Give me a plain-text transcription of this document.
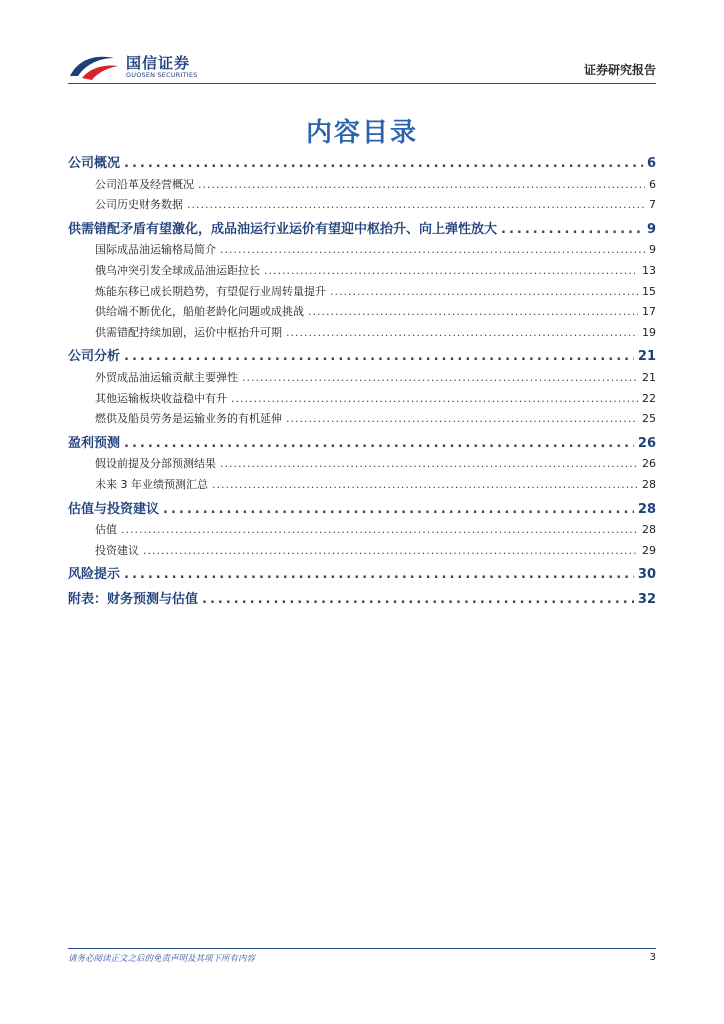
国信证券
GUOSEN SECURITIES	证券研究报告
内容目录
公司概况 .....	6
公司沿革及经营概况 .....	6
公司历史财务数据 .....	7
供需错配矛盾有望激化，成品油运行业运价有望迎中枢抬升、向上弹性放大 .....	9
国际成品油运输格局简介 .....	9
俄乌冲突引发全球成品油运距拉长 .....	13
炼能东移已成长期趋势，有望促行业周转量提升 .....	15
供给端不断优化，船舶老龄化问题或成挑战 .....	17
供需错配持续加剧，运价中枢抬升可期 .....	19
公司分析 .....	21
外贸成品油运输贡献主要弹性 .....	21
其他运输板块收益稳中有升 .....	22
燃供及船员劳务是运输业务的有机延伸 .....	25
盈利预测 .....	26
假设前提及分部预测结果 .....	26
未来 3 年业绩预测汇总 .....	28
估值与投资建议 .....	28
估值 .....	28
投资建议 .....	29
风险提示 .....	30
附表：财务预测与估值 .....	32
请务必阅读正文之后的免责声明及其项下所有内容	3
